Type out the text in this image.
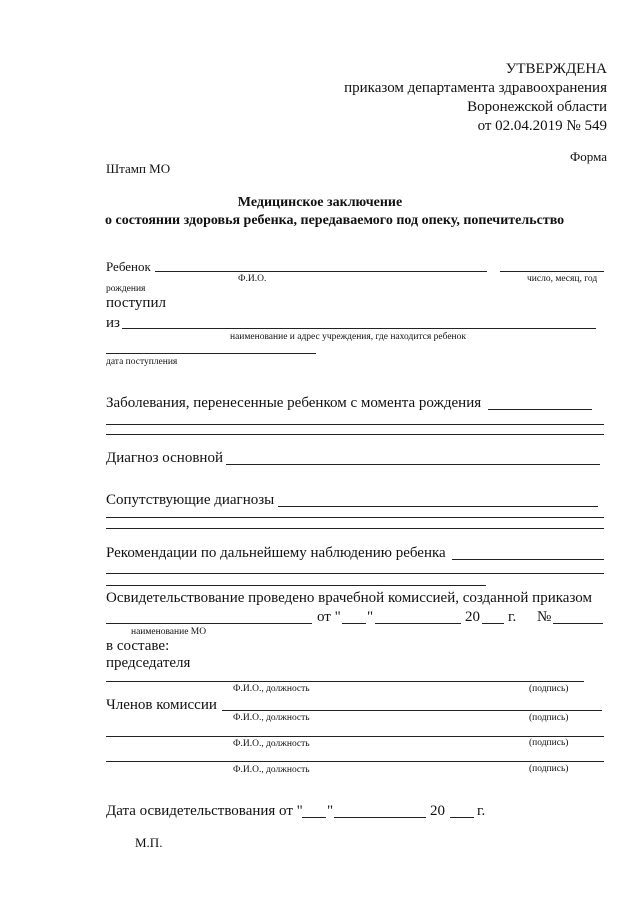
УТВЕРЖДЕНА
приказом департамента здравоохранения
Воронежской области
от 02.04.2019 № 549
Форма
Штамп МО
Медицинское заключение
о состоянии здоровья ребенка, передаваемого под опеку, попечительство
Ребенок
Ф.И.О.	число, месяц, год
рождения
поступил
из
наименование и адрес учреждения, где находится ребенок
дата поступления
Заболевания, перенесенные ребенком с момента рождения
Диагноз основной
Сопутствующие диагнозы
Рекомендации по дальнейшему наблюдению ребенка
Освидетельствование проведено врачебной комиссией, созданной приказом
от " "	20 г. №
наименование МО
в составе:
председателя
Ф.И.О., должность	(подпись)
Членов комиссии
Ф.И.О., должность	(подпись)
Ф.И.О., должность	(подпись)
Ф.И.О., должность	(подпись)
Дата освидетельствования от " "	20 г.
М.П.
